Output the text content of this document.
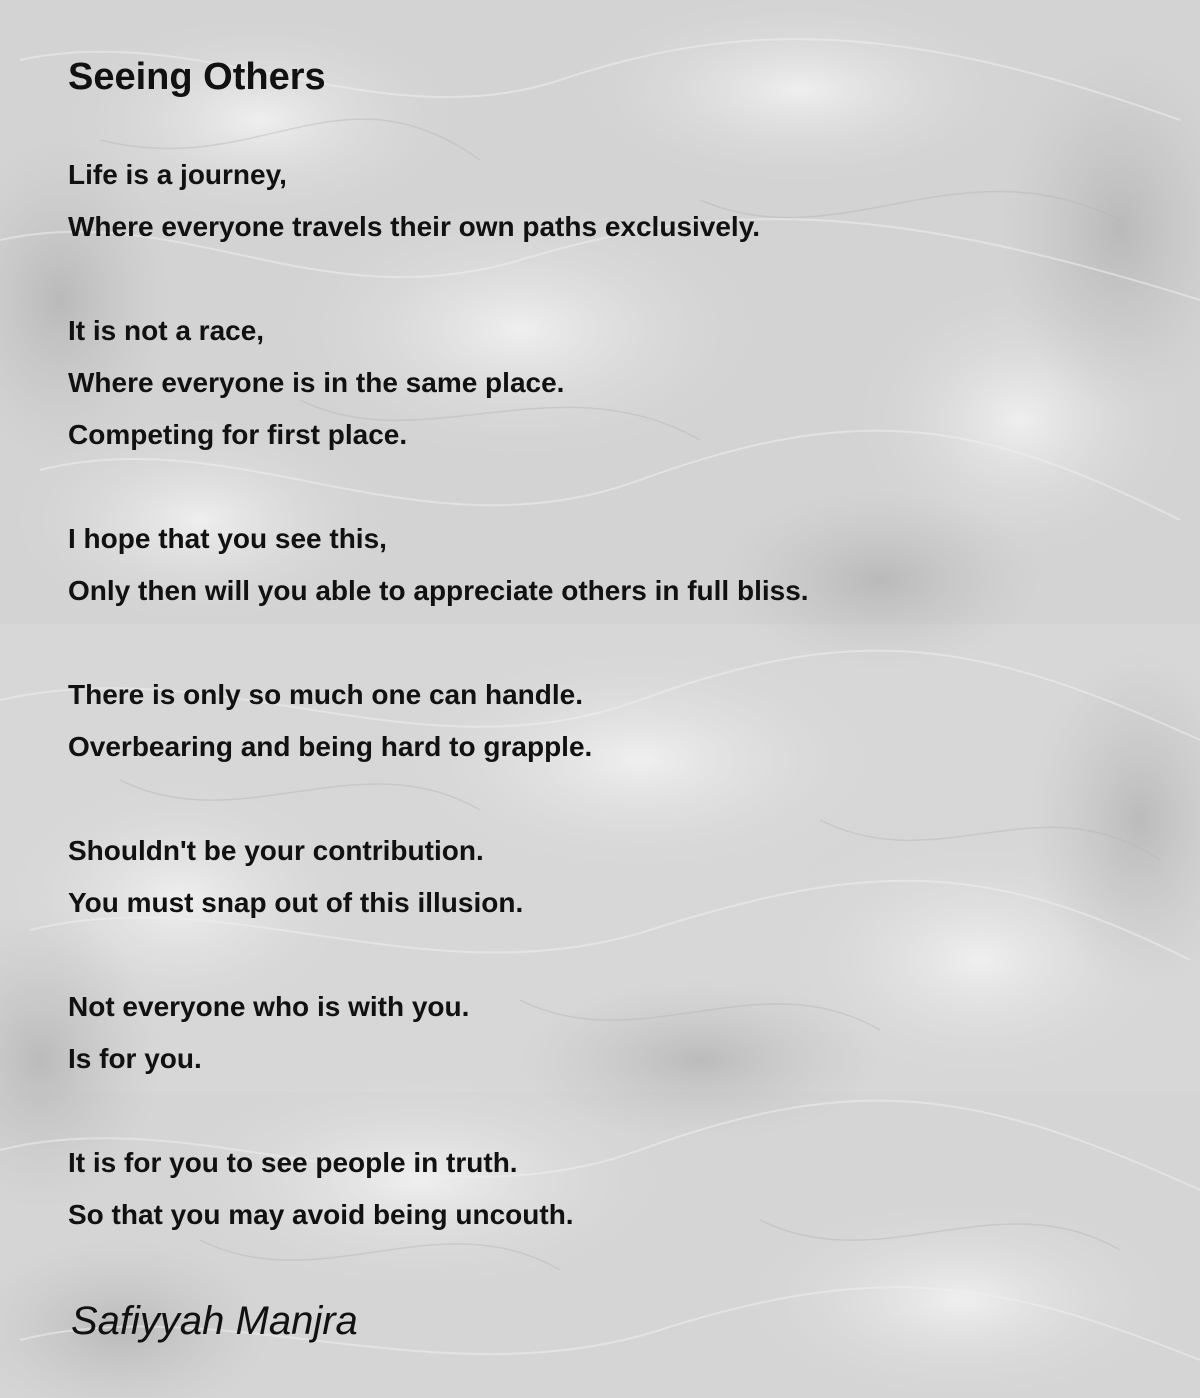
Seeing Others
Life is a journey,
Where everyone travels their own paths exclusively.
It is not a race,
Where everyone is in the same place.
Competing for first place.
I hope that you see this,
Only then will you able to appreciate others in full bliss.
There is only so much one can handle.
Overbearing and being hard to grapple.
Shouldn't be your contribution.
You must snap out of this illusion.
Not everyone who is with you.
Is for you.
It is for you to see people in truth.
So that you may avoid being uncouth.

Safiyyah Manjra
